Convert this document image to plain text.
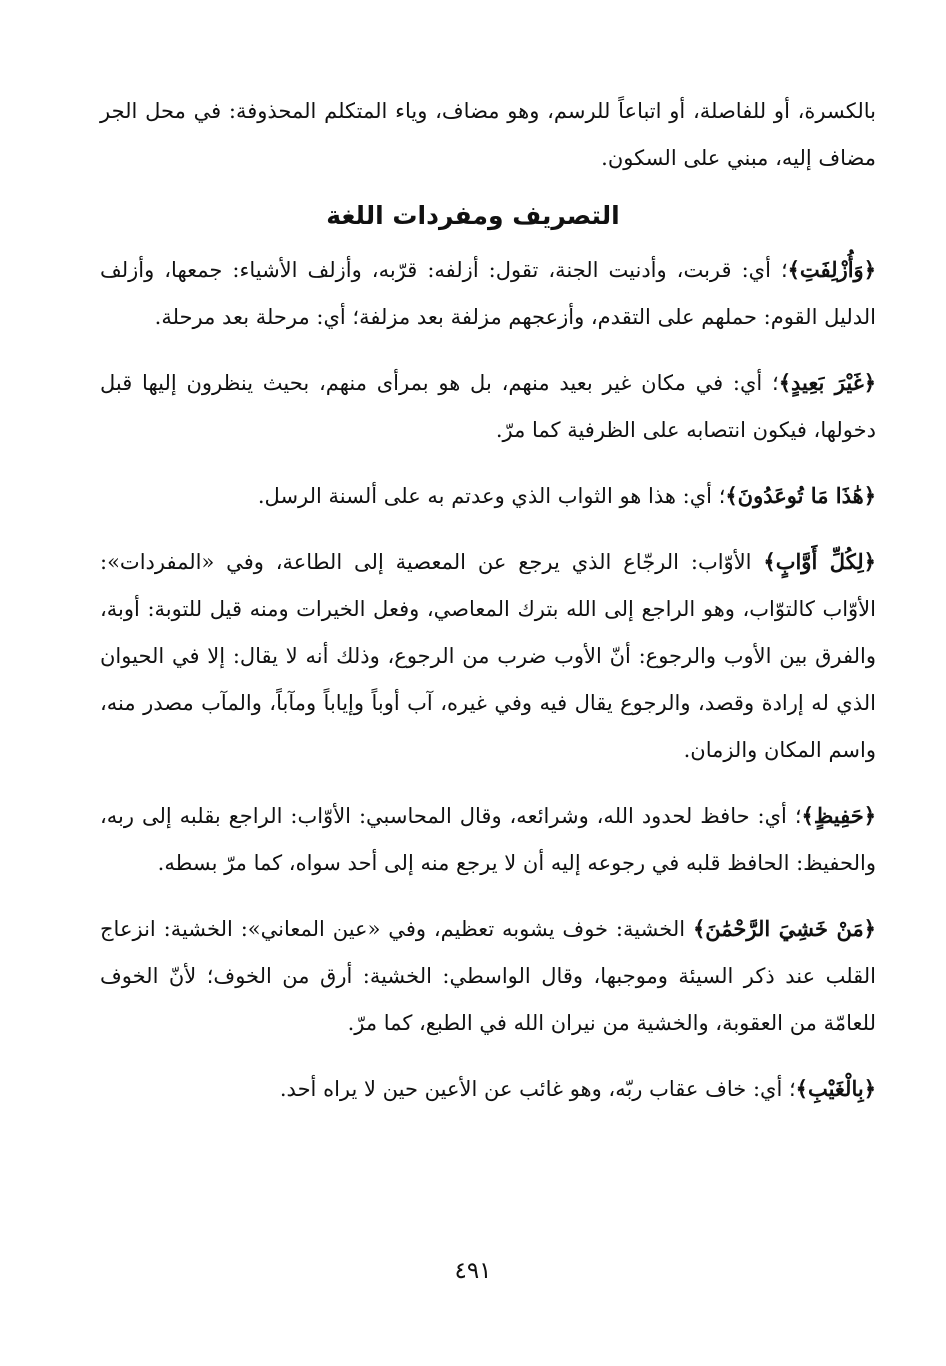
بالكسرة، أو للفاصلة، أو اتباعاً للرسم، وهو مضاف، وياء المتكلم المحذوفة: في محل الجر مضاف إليه، مبني على السكون.

التصريف ومفردات اللغة

﴿وَأُزْلِفَتِ﴾؛ أي: قربت، وأدنيت الجنة، تقول: أزلفه: قرّبه، وأزلف الأشياء: جمعها، وأزلف الدليل القوم: حملهم على التقدم، وأزعجهم مزلفة بعد مزلفة؛ أي: مرحلة بعد مرحلة.

﴿غَيْرَ بَعِيدٍ﴾؛ أي: في مكان غير بعيد منهم، بل هو بمرأى منهم، بحيث ينظرون إليها قبل دخولها، فيكون انتصابه على الظرفية كما مرّ.

﴿هَٰذَا مَا تُوعَدُونَ﴾؛ أي: هذا هو الثواب الذي وعدتم به على ألسنة الرسل.

﴿لِكُلِّ أَوَّابٍ﴾ الأوّاب: الرجّاع الذي يرجع عن المعصية إلى الطاعة، وفي «المفردات»: الأوّاب كالتوّاب، وهو الراجع إلى الله بترك المعاصي، وفعل الخيرات ومنه قيل للتوبة: أوبة، والفرق بين الأوب والرجوع: أنّ الأوب ضرب من الرجوع، وذلك أنه لا يقال: إلا في الحيوان الذي له إرادة وقصد، والرجوع يقال فيه وفي غيره، آب أوباً وإياباً ومآباً، والمآب مصدر منه، واسم المكان والزمان.

﴿حَفِيظٍ﴾؛ أي: حافظ لحدود الله، وشرائعه، وقال المحاسبي: الأوّاب: الراجع بقلبه إلى ربه، والحفيظ: الحافظ قلبه في رجوعه إليه أن لا يرجع منه إلى أحد سواه، كما مرّ بسطه.

﴿مَنْ خَشِيَ الرَّحْمَٰنَ﴾ الخشية: خوف يشوبه تعظيم، وفي «عين المعاني»: الخشية: انزعاج القلب عند ذكر السيئة وموجبها، وقال الواسطي: الخشية: أرق من الخوف؛ لأنّ الخوف للعامّة من العقوبة، والخشية من نيران الله في الطبع، كما مرّ.

﴿بِالْغَيْبِ﴾؛ أي: خاف عقاب ربّه، وهو غائب عن الأعين حين لا يراه أحد.

٤٩١
